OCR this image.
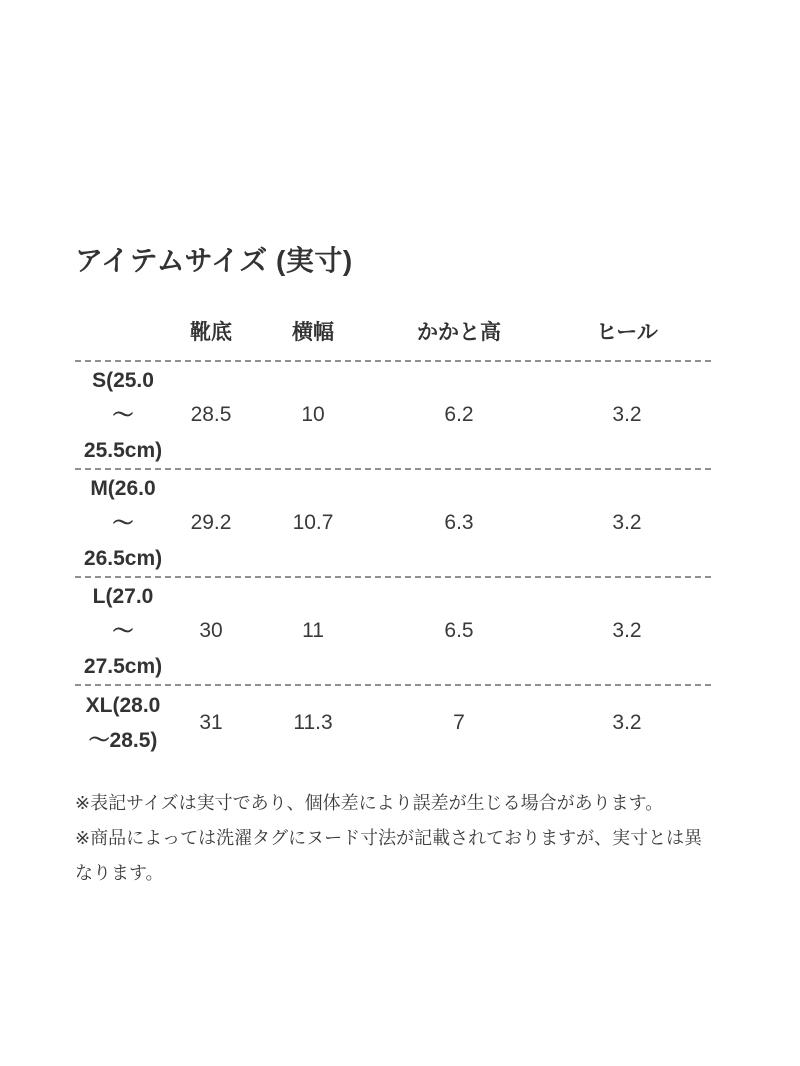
アイテムサイズ (実寸)
靴底	横幅	かかと高	ヒール
S(25.0
〜
25.5cm)
28.5	10	6.2	3.2
M(26.0
〜
26.5cm)
29.2	10.7	6.3	3.2
L(27.0
〜
27.5cm)
30	11	6.5	3.2
XL(28.0
〜28.5)
31	11.3	7	3.2

※表記サイズは実寸であり、個体差により誤差が生じる場合があります。

※商品によっては洗濯タグにヌード寸法が記載されておりますが、実寸とは異なります。
